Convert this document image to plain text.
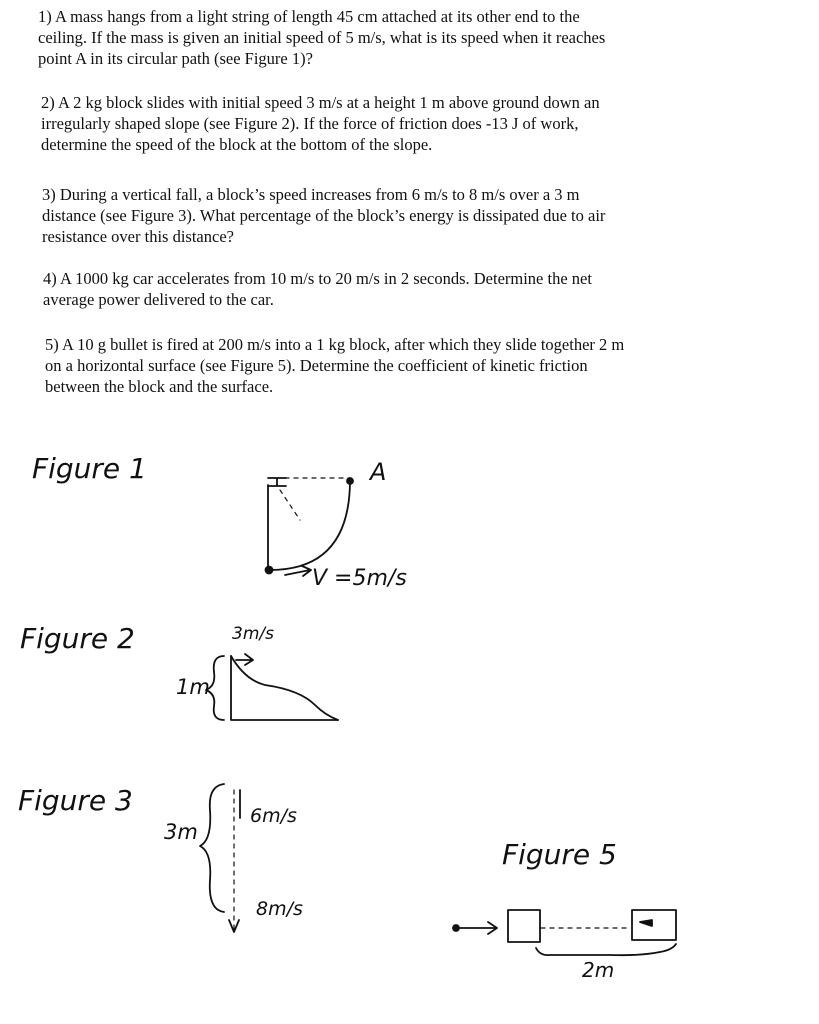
1) A mass hangs from a light string of length 45 cm attached at its other end to the
ceiling. If the mass is given an initial speed of 5 m/s, what is its speed when it reaches
point A in its circular path (see Figure 1)?
2) A 2 kg block slides with initial speed 3 m/s at a height 1 m above ground down an
irregularly shaped slope (see Figure 2). If the force of friction does -13 J of work,
determine the speed of the block at the bottom of the slope.
3) During a vertical fall, a block’s speed increases from 6 m/s to 8 m/s over a 3 m
distance (see Figure 3). What percentage of the block’s energy is dissipated due to air
resistance over this distance?
4) A 1000 kg car accelerates from 10 m/s to 20 m/s in 2 seconds. Determine the net
average power delivered to the car.
5) A 10 g bullet is fired at 200 m/s into a 1 kg block, after which they slide together 2 m
on a horizontal surface (see Figure 5). Determine the coefficient of kinetic friction
between the block and the surface.
Figure 1	A
V =5m/s
Figure 2
1m
3m/s
Figure 3
3m
6m/s
8m/s
Figure 5
2m
